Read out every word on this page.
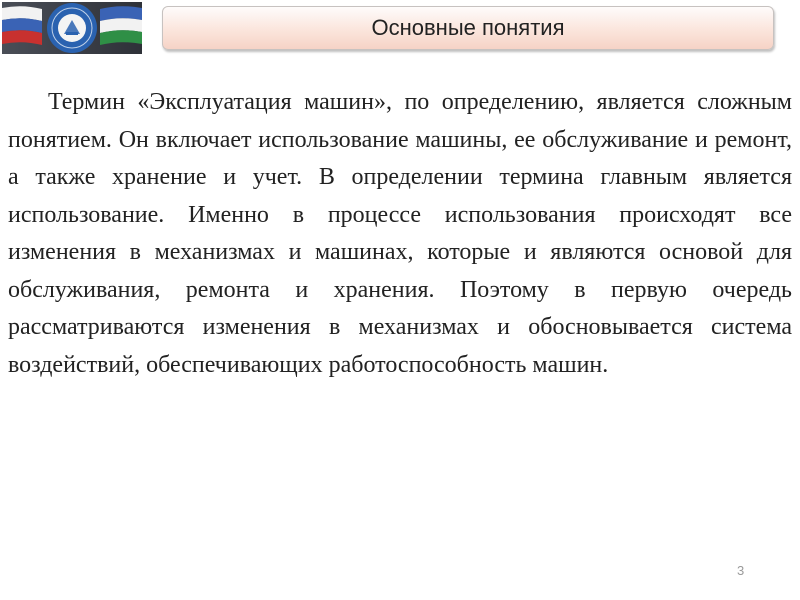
Основные понятия

Термин «Эксплуатация машин», по определению, является сложным понятием. Он включает использование машины, ее обслуживание и ремонт, а также хранение и учет. В определении термина главным является использование. Именно в процессе использования происходят все изменения в механизмах и машинах, которые и являются основой для обслуживания, ремонта и хранения. Поэтому в первую очередь рассматриваются изменения в механизмах и обосновывается система воздействий, обеспечивающих работоспособность машин.

3
